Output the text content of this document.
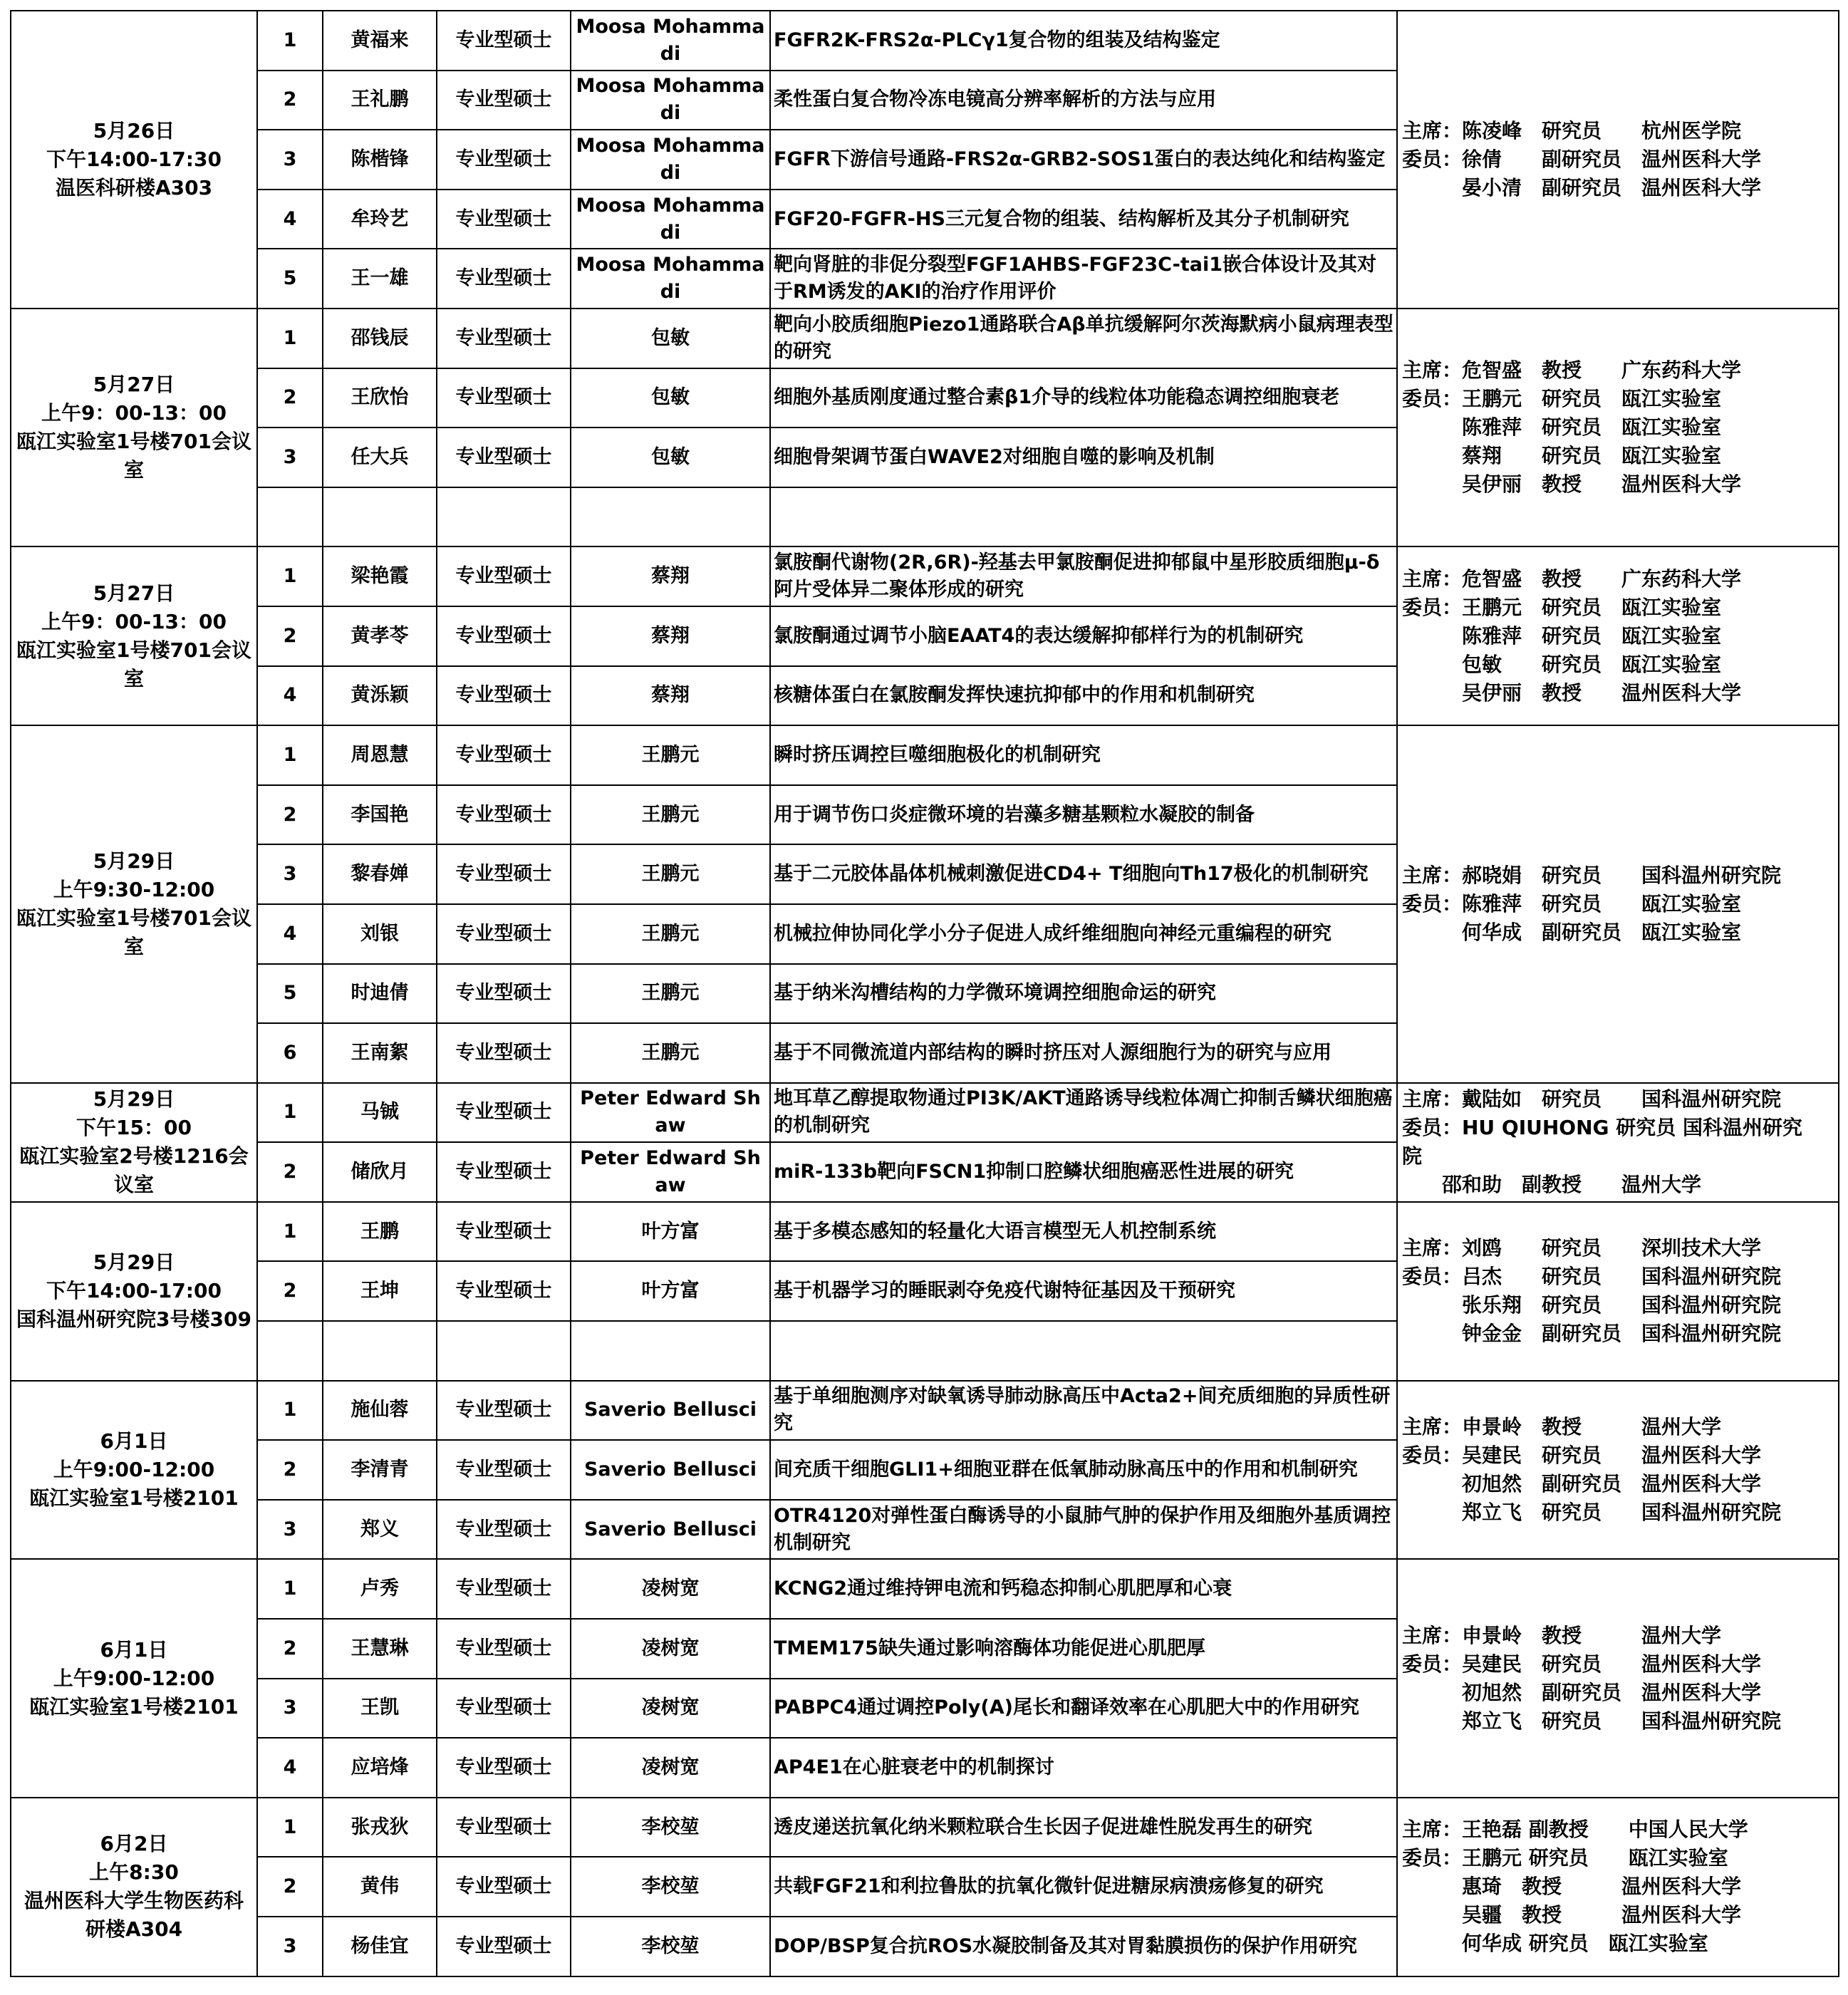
5月26日
下午14:00-17:30
温医科研楼A303	1	黄福来	专业型硕士	Moosa Mohammadi	FGFR2K-FRS2α-PLCγ1复合物的组装及结构鉴定	主席：陈凌峰　研究员　　杭州医学院
委员：徐倩　　副研究员　温州医科大学
　　　晏小清　副研究员　温州医科大学

	2	王礼鹏	专业型硕士	Moosa Mohammadi	柔性蛋白复合物冷冻电镜高分辨率解析的方法与应用	
	3	陈楷锋	专业型硕士	Moosa Mohammadi	FGFR下游信号通路-FRS2α-GRB2-SOS1蛋白的表达纯化和结构鉴定	
	4	牟玲艺	专业型硕士	Moosa Mohammadi	FGF20-FGFR-HS三元复合物的组装、结构解析及其分子机制研究	
	5	王一雄	专业型硕士	Moosa Mohammadi	靶向肾脏的非促分裂型FGF1AHBS-FGF23C-tai1嵌合体设计及其对于RM诱发的AKI的治疗作用评价	

5月27日
上午9：00-13：00
瓯江实验室1号楼701会议室	1	邵钱辰	专业型硕士	包敏	靶向小胶质细胞Piezo1通路联合Aβ单抗缓解阿尔茨海默病小鼠病理表型的研究	主席：危智盛　教授　　广东药科大学
委员：王鹏元　研究员　瓯江实验室
　　　陈雅萍　研究员　瓯江实验室
　　　蔡翔　　研究员　瓯江实验室
　　　吴伊丽　教授　　温州医科大学

	2	王欣怡	专业型硕士	包敏	细胞外基质刚度通过整合素β1介导的线粒体功能稳态调控细胞衰老	
	3	任大兵	专业型硕士	包敏	细胞骨架调节蛋白WAVE2对细胞自噬的影响及机制	

5月27日
上午9：00-13：00
瓯江实验室1号楼701会议室	1	梁艳霞	专业型硕士	蔡翔	氯胺酮代谢物(2R,6R)-羟基去甲氯胺酮促进抑郁鼠中星形胶质细胞μ-δ阿片受体异二聚体形成的研究	主席：危智盛　教授　　广东药科大学
委员：王鹏元　研究员　瓯江实验室
　　　陈雅萍　研究员　瓯江实验室
　　　包敏　　研究员　瓯江实验室
　　　吴伊丽　教授　　温州医科大学

	2	黄孝苓	专业型硕士	蔡翔	氯胺酮通过调节小脑EAAT4的表达缓解抑郁样行为的机制研究	
	4	黄泺颖	专业型硕士	蔡翔	核糖体蛋白在氯胺酮发挥快速抗抑郁中的作用和机制研究	

5月29日
上午9:30-12:00
瓯江实验室1号楼701会议室	1	周恩慧	专业型硕士	王鹏元	瞬时挤压调控巨噬细胞极化的机制研究	主席：郝晓娟　研究员　　国科温州研究院
委员：陈雅萍　研究员　　瓯江实验室
　　　何华成　副研究员　瓯江实验室

	2	李国艳	专业型硕士	王鹏元	用于调节伤口炎症微环境的岩藻多糖基颗粒水凝胶的制备	
	3	黎春婵	专业型硕士	王鹏元	基于二元胶体晶体机械刺激促进CD4+ T细胞向Th17极化的机制研究	
	4	刘银	专业型硕士	王鹏元	机械拉伸协同化学小分子促进人成纤维细胞向神经元重编程的研究	
	5	时迪倩	专业型硕士	王鹏元	基于纳米沟槽结构的力学微环境调控细胞命运的研究	
	6	王南絮	专业型硕士	王鹏元	基于不同微流道内部结构的瞬时挤压对人源细胞行为的研究与应用	

5月29日
下午15：00
瓯江实验室2号楼1216会议室	1	马铖	专业型硕士	Peter Edward Shaw	地耳草乙醇提取物通过PI3K/AKT通路诱导线粒体凋亡抑制舌鳞状细胞癌的机制研究	主席：戴陆如　研究员　　国科温州研究院
委员：HU QIUHONG 研究员 国科温州研究
院
　　邵和助　副教授　　温州大学

	2	储欣月	专业型硕士	Peter Edward Shaw	miR-133b靶向FSCN1抑制口腔鳞状细胞癌恶性进展的研究	

5月29日
下午14:00-17:00
国科温州研究院3号楼309	1	王鹏	专业型硕士	叶方富	基于多模态感知的轻量化大语言模型无人机控制系统	主席：刘鸥　　研究员　　深圳技术大学
委员：吕杰　　研究员　　国科温州研究院
　　　张乐翔　研究员　　国科温州研究院
　　　钟金金　副研究员　国科温州研究院

	2	王坤	专业型硕士	叶方富	基于机器学习的睡眠剥夺免疫代谢特征基因及干预研究	

6月1日
上午9:00-12:00
瓯江实验室1号楼2101	1	施仙蓉	专业型硕士	Saverio Bellusci	基于单细胞测序对缺氧诱导肺动脉高压中Acta2+间充质细胞的异质性研究	主席：申景岭　教授　　　温州大学
委员：吴建民　研究员　　温州医科大学
　　　初旭然　副研究员　温州医科大学
　　　郑立飞　研究员　　国科温州研究院

	2	李清青	专业型硕士	Saverio Bellusci	间充质干细胞GLI1+细胞亚群在低氧肺动脉高压中的作用和机制研究	
	3	郑义	专业型硕士	Saverio Bellusci	OTR4120对弹性蛋白酶诱导的小鼠肺气肿的保护作用及细胞外基质调控机制研究	

6月1日
上午9:00-12:00
瓯江实验室1号楼2101	1	卢秀	专业型硕士	凌树宽	KCNG2通过维持钾电流和钙稳态抑制心肌肥厚和心衰	主席：申景岭　教授　　　温州大学
委员：吴建民　研究员　　温州医科大学
　　　初旭然　副研究员　温州医科大学
　　　郑立飞　研究员　　国科温州研究院

	2	王慧琳	专业型硕士	凌树宽	TMEM175缺失通过影响溶酶体功能促进心肌肥厚	
	3	王凯	专业型硕士	凌树宽	PABPC4通过调控Poly(A)尾长和翻译效率在心肌肥大中的作用研究	
	4	应培烽	专业型硕士	凌树宽	AP4E1在心脏衰老中的机制探讨	

6月2日
上午8:30
温州医科大学生物医药科研楼A304	1	张戎狄	专业型硕士	李校堃	透皮递送抗氧化纳米颗粒联合生长因子促进雄性脱发再生的研究	主席：王艳磊 副教授　　中国人民大学
委员：王鹏元 研究员　　瓯江实验室
　　　惠琦　教授　　　温州医科大学
　　　吴疆　教授　　　温州医科大学
　　　何华成 研究员　瓯江实验室

	2	黄伟	专业型硕士	李校堃	共载FGF21和利拉鲁肽的抗氧化微针促进糖尿病溃疡修复的研究	
	3	杨佳宜	专业型硕士	李校堃	DOP/BSP复合抗ROS水凝胶制备及其对胃黏膜损伤的保护作用研究	
